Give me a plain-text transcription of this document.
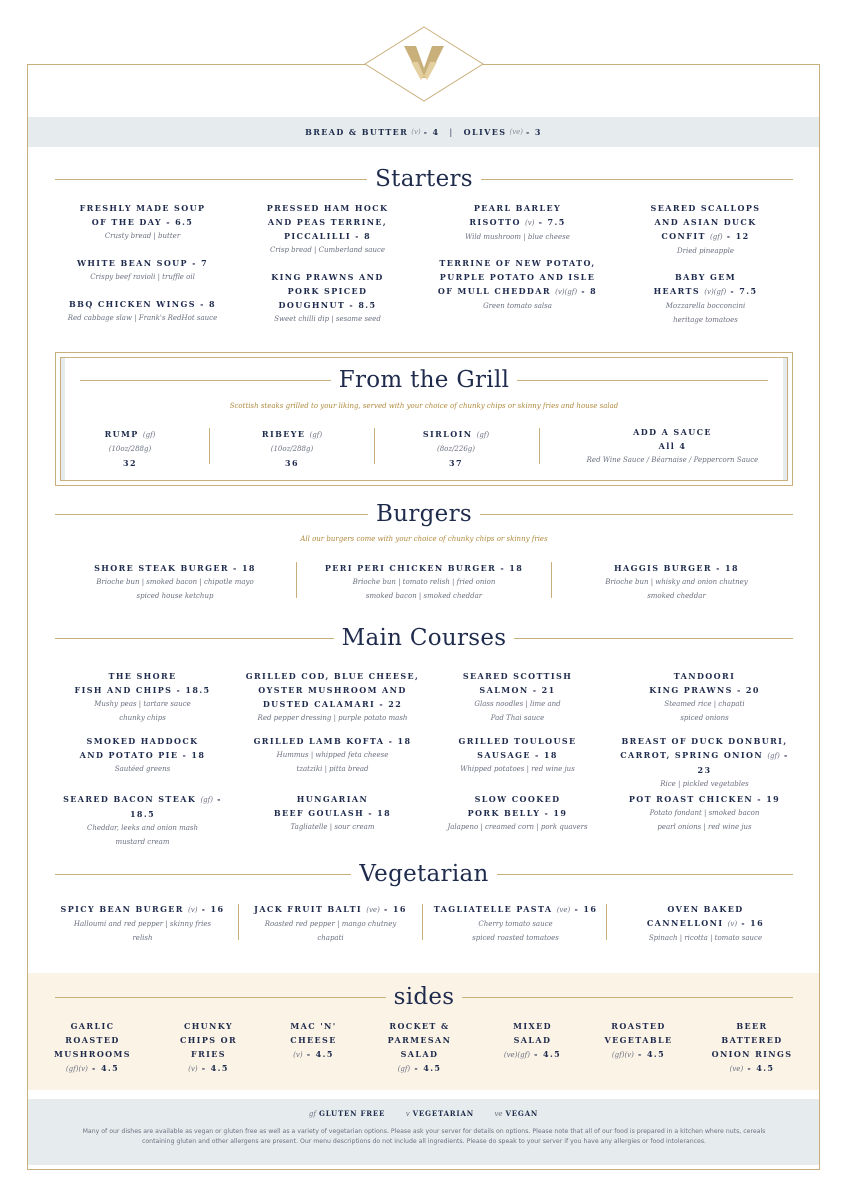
BREAD & BUTTER (v) - 4 | OLIVES (ve) - 3
Starters
FRESHLY MADE SOUP
OF THE DAY - 6.5
Crusty bread | butter
WHITE BEAN SOUP - 7
Crispy beef ravioli | truffle oil
BBQ CHICKEN WINGS - 8
Red cabbage slaw | Frank's RedHot sauce
PRESSED HAM HOCK
AND PEAS TERRINE,
PICCALILLI - 8
Crisp bread | Cumberland sauce
KING PRAWNS AND
PORK SPICED
DOUGHNUT - 8.5
Sweet chilli dip | sesame seed
PEARL BARLEY
RISOTTO (v) - 7.5
Wild mushroom | blue cheese
TERRINE OF NEW POTATO,
PURPLE POTATO AND ISLE
OF MULL CHEDDAR (v)(gf) - 8
Green tomato salsa
SEARED SCALLOPS
AND ASIAN DUCK
CONFIT (gf) - 12
Dried pineapple
BABY GEM
HEARTS (v)(gf) - 7.5
Mozzarella bocconcini
heritage tomatoes
From the Grill
Scottish steaks grilled to your liking, served with your choice of chunky chips or skinny fries and house salad
RUMP (gf)
(10oz/288g)
32
RIBEYE (gf)
(10oz/288g)
36
SIRLOIN (gf)
(8oz/226g)
37
ADD A SAUCE
All 4
Red Wine Sauce / Béarnaise / Peppercorn Sauce
Burgers
All our burgers come with your choice of chunky chips or skinny fries
SHORE STEAK BURGER - 18
Brioche bun | smoked bacon | chipotle mayo
spiced house ketchup
PERI PERI CHICKEN BURGER - 18
Brioche bun | tomato relish | fried onion
smoked bacon | smoked cheddar
HAGGIS BURGER - 18
Brioche bun | whisky and onion chutney
smoked cheddar
Main Courses
THE SHORE
FISH AND CHIPS - 18.5
Mushy peas | tartare sauce
chunky chips
SMOKED HADDOCK
AND POTATO PIE - 18
Sautéed greens
SEARED BACON STEAK (gf) - 18.5
Cheddar, leeks and onion mash
mustard cream
GRILLED COD, BLUE CHEESE,
OYSTER MUSHROOM AND
DUSTED CALAMARI - 22
Red pepper dressing | purple potato mash
GRILLED LAMB KOFTA - 18
Hummus | whipped feta cheese
tzatziki | pitta bread
HUNGARIAN
BEEF GOULASH - 18
Tagliatelle | sour cream
SEARED SCOTTISH
SALMON - 21
Glass noodles | lime and
Pad Thai sauce
GRILLED TOULOUSE
SAUSAGE - 18
Whipped potatoes | red wine jus
SLOW COOKED
PORK BELLY - 19
Jalapeno | creamed corn | pork quavers
TANDOORI
KING PRAWNS - 20
Steamed rice | chapati
spiced onions
BREAST OF DUCK DONBURI,
CARROT, SPRING ONION (gf) - 23
Rice | pickled vegetables
POT ROAST CHICKEN - 19
Potato fondant | smoked bacon
pearl onions | red wine jus
Vegetarian
SPICY BEAN BURGER (v) - 16
Halloumi and red pepper | skinny fries
relish
JACK FRUIT BALTI (ve) - 16
Roasted red pepper | mango chutney
chapati
TAGLIATELLE PASTA (ve) - 16
Cherry tomato sauce
spiced roasted tomatoes
OVEN BAKED
CANNELLONI (v) - 16
Spinach | ricotta | tomato sauce
sides
GARLIC
ROASTED
MUSHROOMS
(gf)(v) - 4.5
CHUNKY
CHIPS OR
FRIES
(v) - 4.5
MAC 'N'
CHEESE
(v) - 4.5
ROCKET &
PARMESAN
SALAD
(gf) - 4.5
MIXED
SALAD
(ve)(gf) - 4.5
ROASTED
VEGETABLE
(gf)(v) - 4.5
BEER
BATTERED
ONION RINGS
(ve) - 4.5
gf GLUTEN FREE	v VEGETARIAN	ve VEGAN
Many of our dishes are available as vegan or gluten free as well as a variety of vegetarian options. Please ask your server for details on options. Please note that all of our food is prepared in a kitchen where nuts, cereals containing gluten and other allergens are present. Our menu descriptions do not include all ingredients. Please do speak to your server if you have any allergies or food intolerances.
